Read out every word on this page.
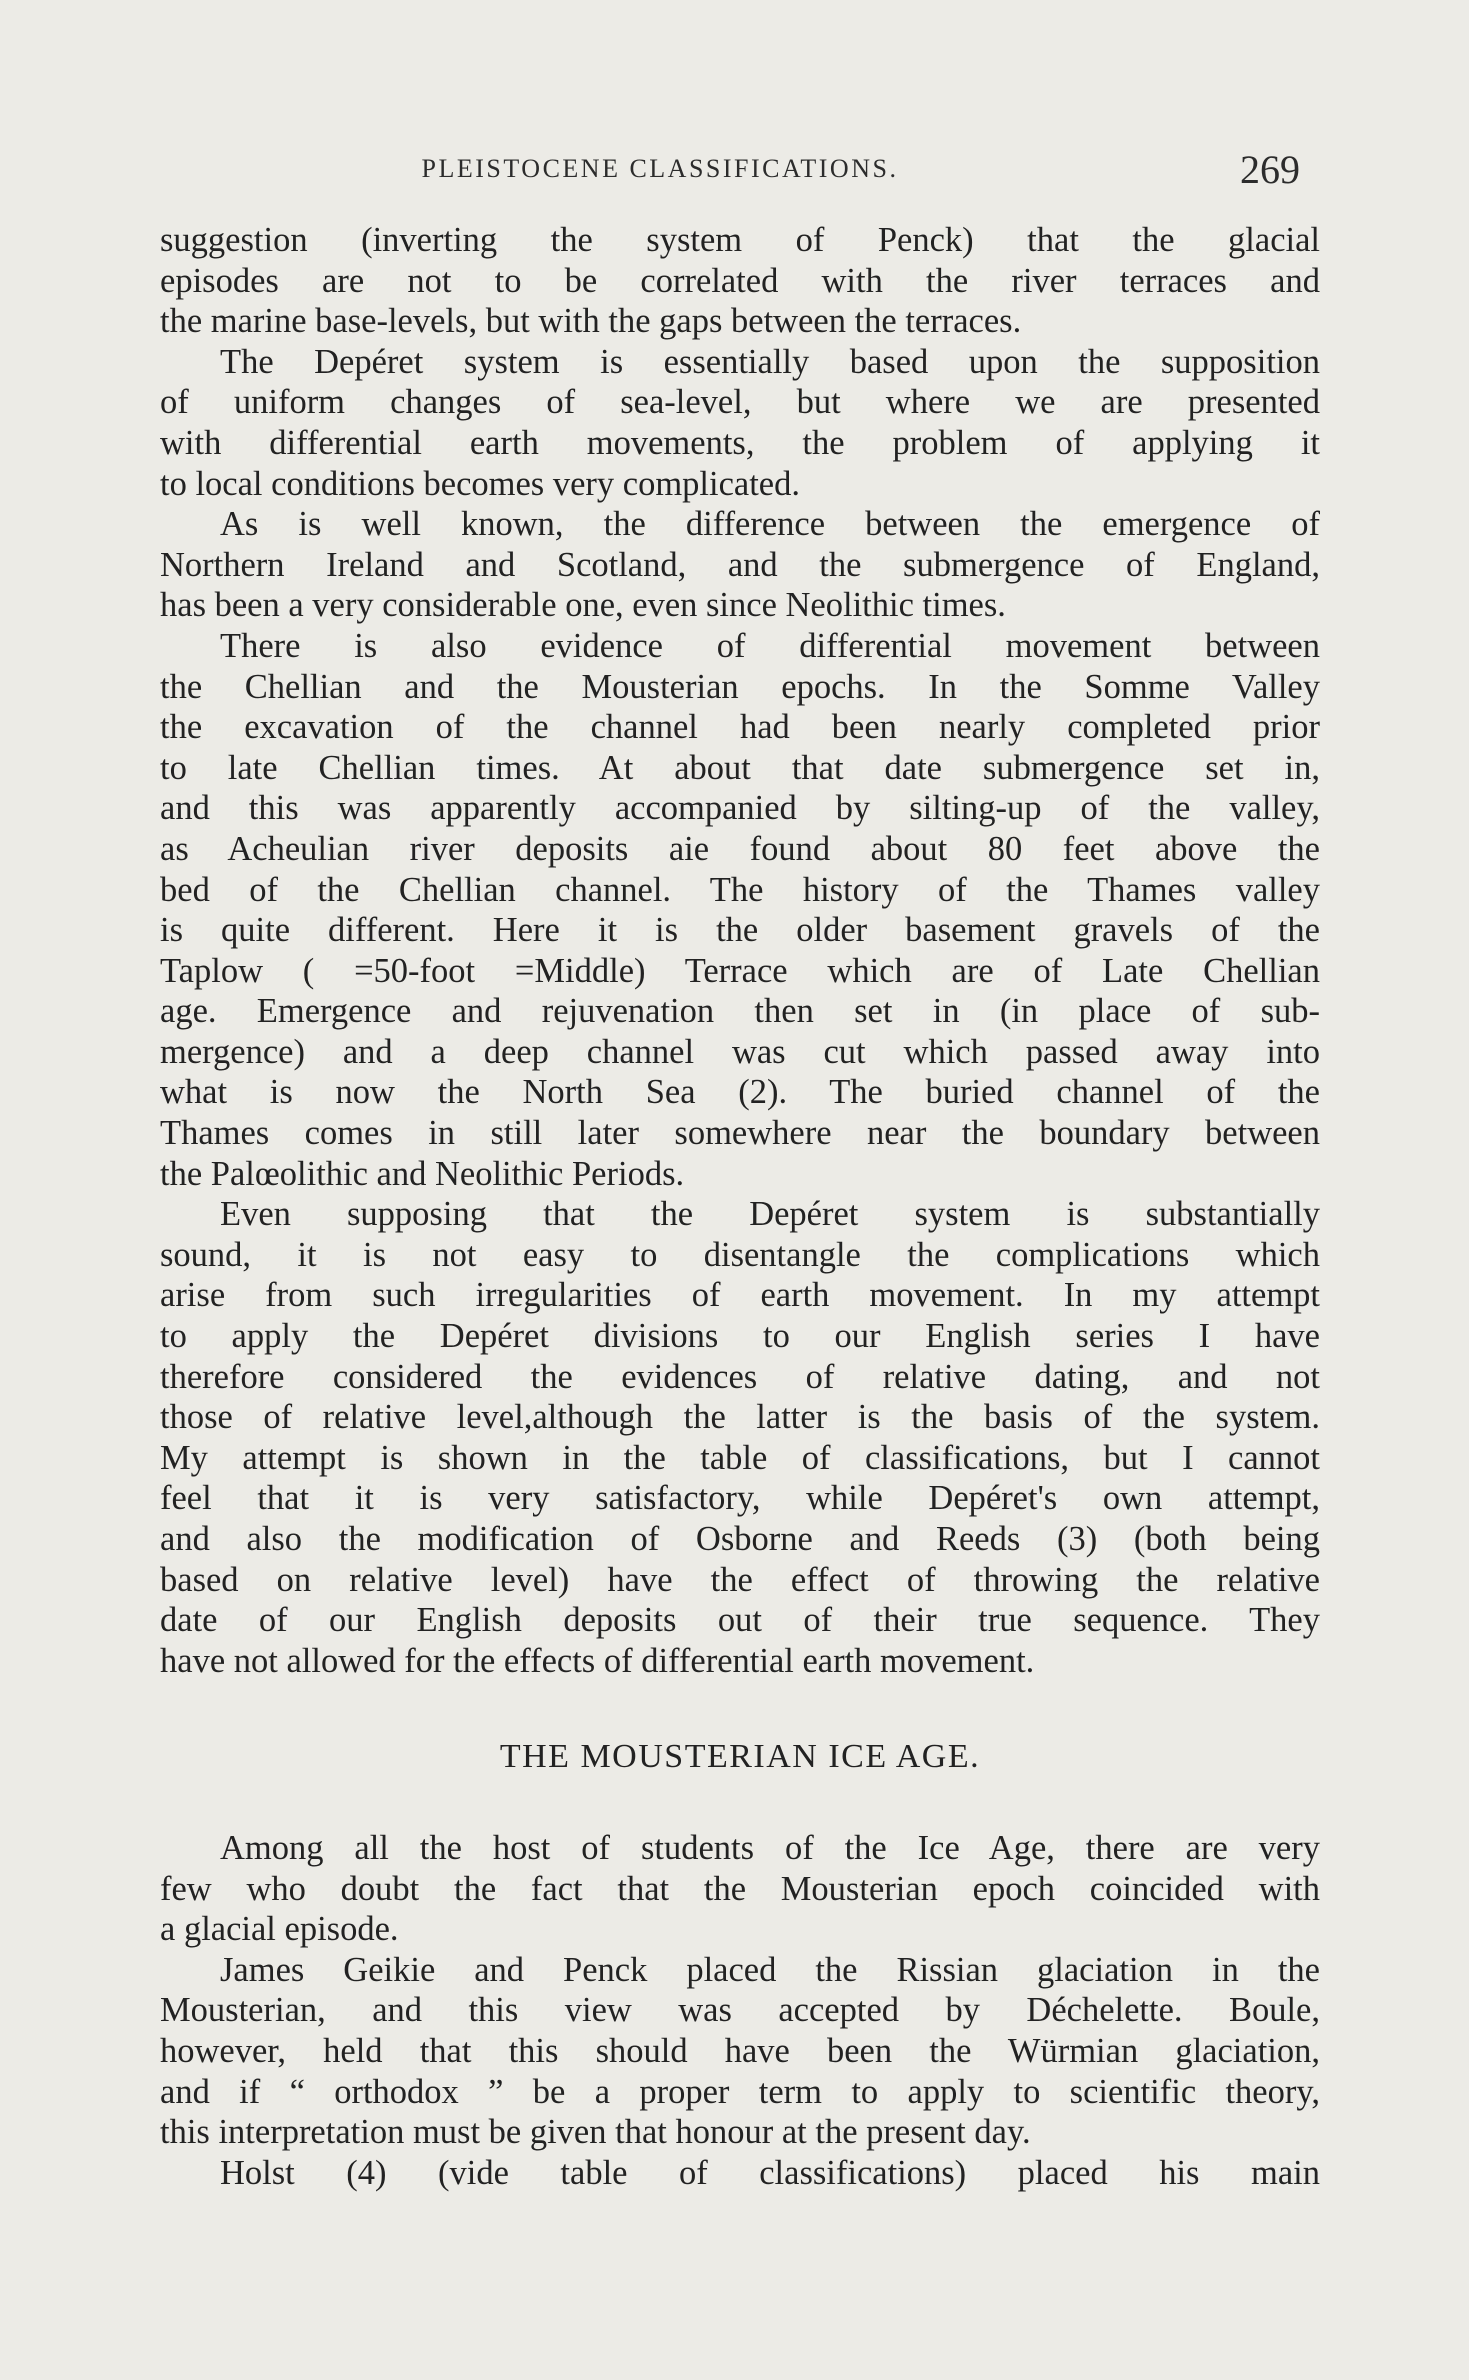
PLEISTOCENE CLASSIFICATIONS.	269
suggestion (inverting the system of Penck) that the glacial
episodes are not to be correlated with the river terraces and
the marine base-levels, but with the gaps between the terraces.
The Depéret system is essentially based upon the supposition
of uniform changes of sea-level, but where we are presented
with differential earth movements, the problem of applying it
to local conditions becomes very complicated.
As is well known, the difference between the emergence of
Northern Ireland and Scotland, and the submergence of England,
has been a very considerable one, even since Neolithic times.
There is also evidence of differential movement between
the Chellian and the Mousterian epochs. In the Somme Valley
the excavation of the channel had been nearly completed prior
to late Chellian times. At about that date submergence set in,
and this was apparently accompanied by silting-up of the valley,
as Acheulian river deposits aie found about 80 feet above the
bed of the Chellian channel. The history of the Thames valley
is quite different. Here it is the older basement gravels of the
Taplow ( =50-foot =Middle) Terrace which are of Late Chellian
age. Emergence and rejuvenation then set in (in place of sub-
mergence) and a deep channel was cut which passed away into
what is now the North Sea (2). The buried channel of the
Thames comes in still later somewhere near the boundary between
the Palœolithic and Neolithic Periods.
Even supposing that the Depéret system is substantially
sound, it is not easy to disentangle the complications which
arise from such irregularities of earth movement. In my attempt
to apply the Depéret divisions to our English series I have
therefore considered the evidences of relative dating, and not
those of relative level,although the latter is the basis of the system.
My attempt is shown in the table of classifications, but I cannot
feel that it is very satisfactory, while Depéret's own attempt,
and also the modification of Osborne and Reeds (3) (both being
based on relative level) have the effect of throwing the relative
date of our English deposits out of their true sequence. They
have not allowed for the effects of differential earth movement.
THE MOUSTERIAN ICE AGE.
Among all the host of students of the Ice Age, there are very
few who doubt the fact that the Mousterian epoch coincided with
a glacial episode.
James Geikie and Penck placed the Rissian glaciation in the
Mousterian, and this view was accepted by Déchelette. Boule,
however, held that this should have been the Würmian glaciation,
and if “ orthodox ” be a proper term to apply to scientific theory,
this interpretation must be given that honour at the present day.
Holst (4) (vide table of classifications) placed his main
